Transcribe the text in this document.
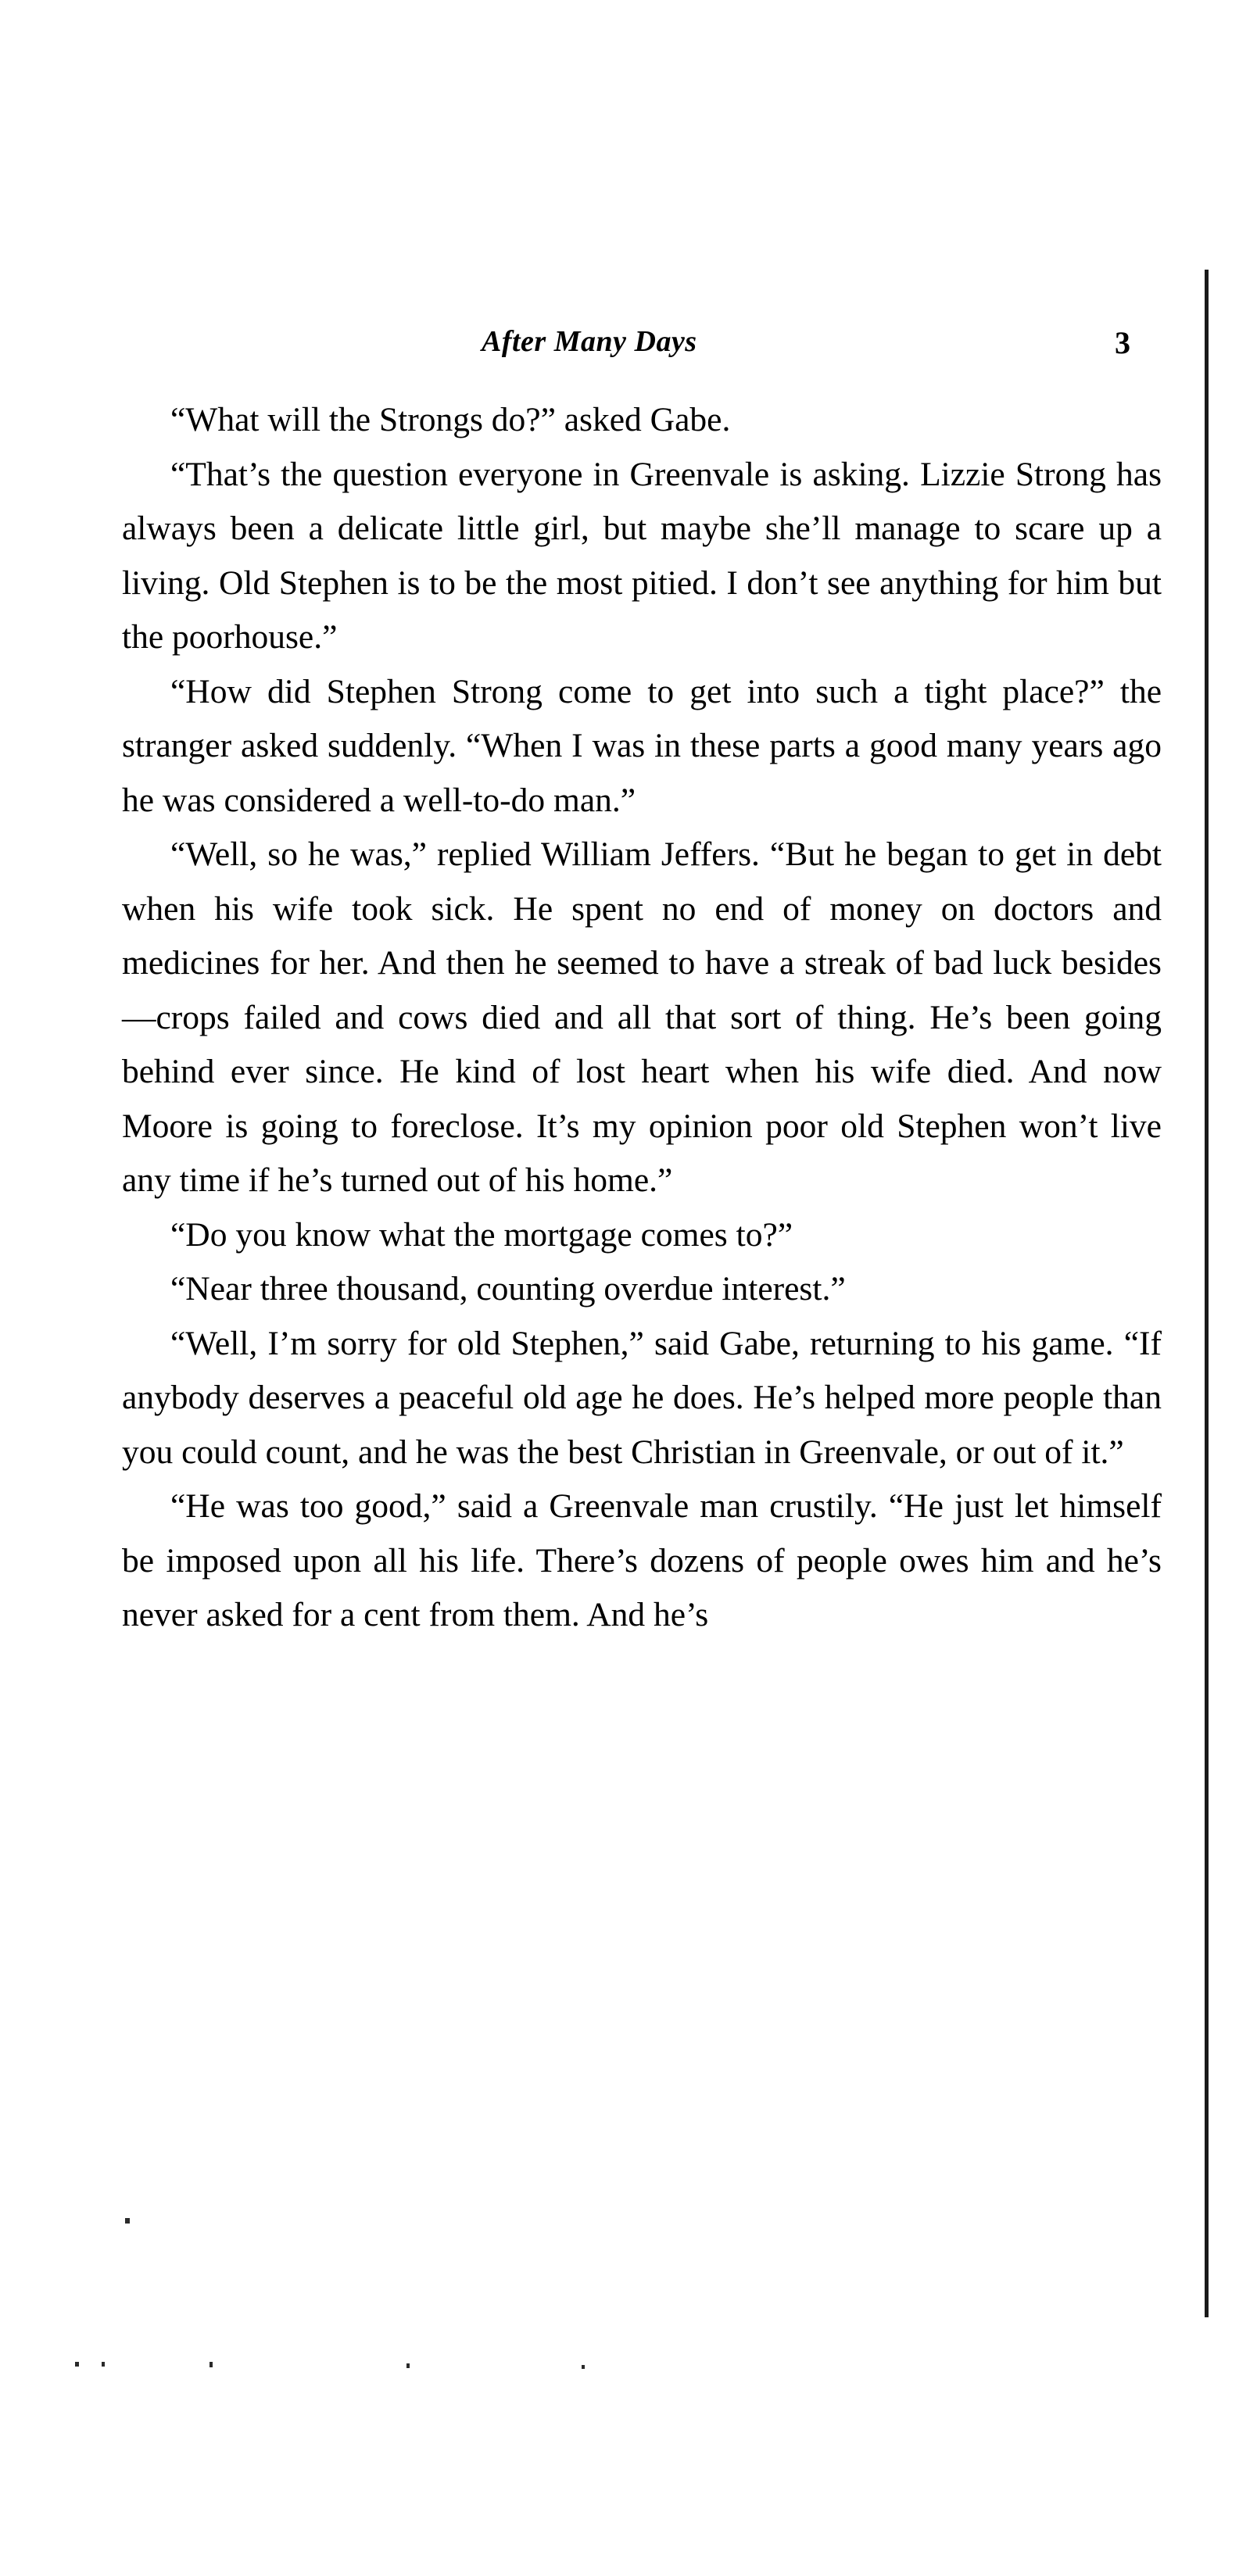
After Many Days	3

“What will the Strongs do?” asked Gabe.

“That’s the question everyone in Greenvale is asking. Lizzie Strong has always been a delicate little girl, but maybe she’ll manage to scare up a living. Old Stephen is to be the most pitied. I don’t see anything for him but the poorhouse.”

“How did Stephen Strong come to get into such a tight place?” the stranger asked suddenly. “When I was in these parts a good many years ago he was considered a well-to-do man.”

“Well, so he was,” replied William Jeffers. “But he began to get in debt when his wife took sick. He spent no end of money on doctors and medicines for her. And then he seemed to have a streak of bad luck besides—crops failed and cows died and all that sort of thing. He’s been going behind ever since. He kind of lost heart when his wife died. And now Moore is going to foreclose. It’s my opinion poor old Stephen won’t live any time if he’s turned out of his home.”

“Do you know what the mortgage comes to?”

“Near three thousand, counting overdue interest.”

“Well, I’m sorry for old Stephen,” said Gabe, returning to his game. “If anybody deserves a peaceful old age he does. He’s helped more people than you could count, and he was the best Christian in Greenvale, or out of it.”

“He was too good,” said a Greenvale man crustily. “He just let himself be imposed upon all his life. There’s dozens of people owes him and he’s never asked for a cent from them. And he’s
